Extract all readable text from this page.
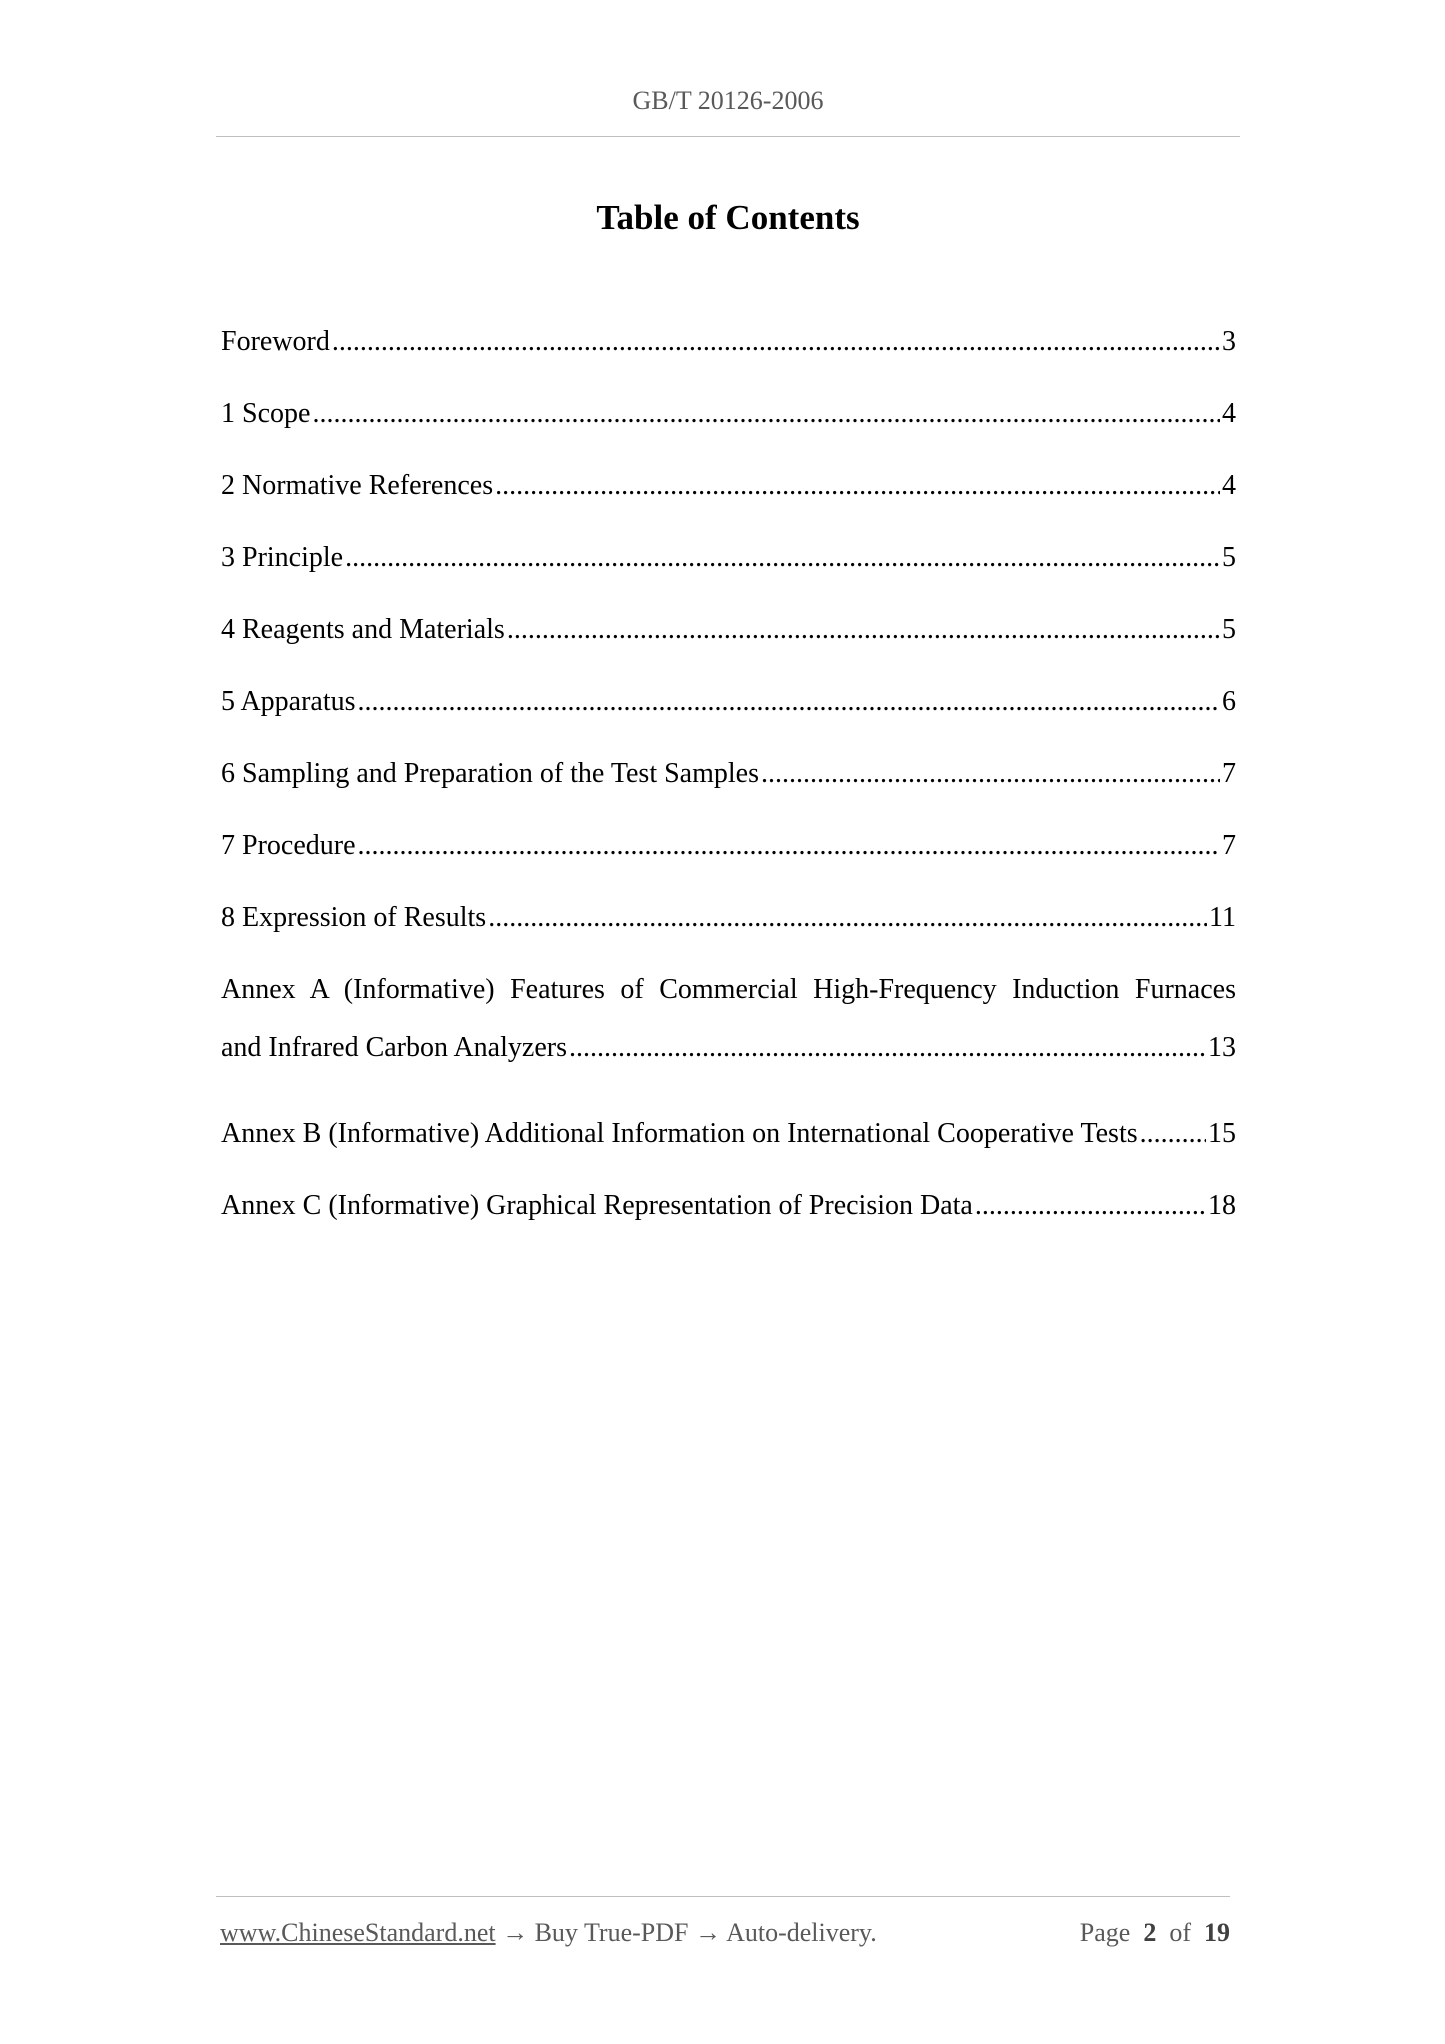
GB/T 20126-2006
Table of Contents
Foreword .....	3
1 Scope .....	4
2 Normative References .....	4
3 Principle .....	5
4 Reagents and Materials .....	5
5 Apparatus .....	6
6 Sampling and Preparation of the Test Samples .....	7
7 Procedure .....	7
8 Expression of Results .....	11
Annex A (Informative) Features of Commercial High-Frequency Induction Furnaces
and Infrared Carbon Analyzers .....	13
Annex B (Informative) Additional Information on International Cooperative Tests .....	15
Annex C (Informative) Graphical Representation of Precision Data .....	18
www.ChineseStandard.net → Buy True-PDF → Auto-delivery.	Page 2 of 19
